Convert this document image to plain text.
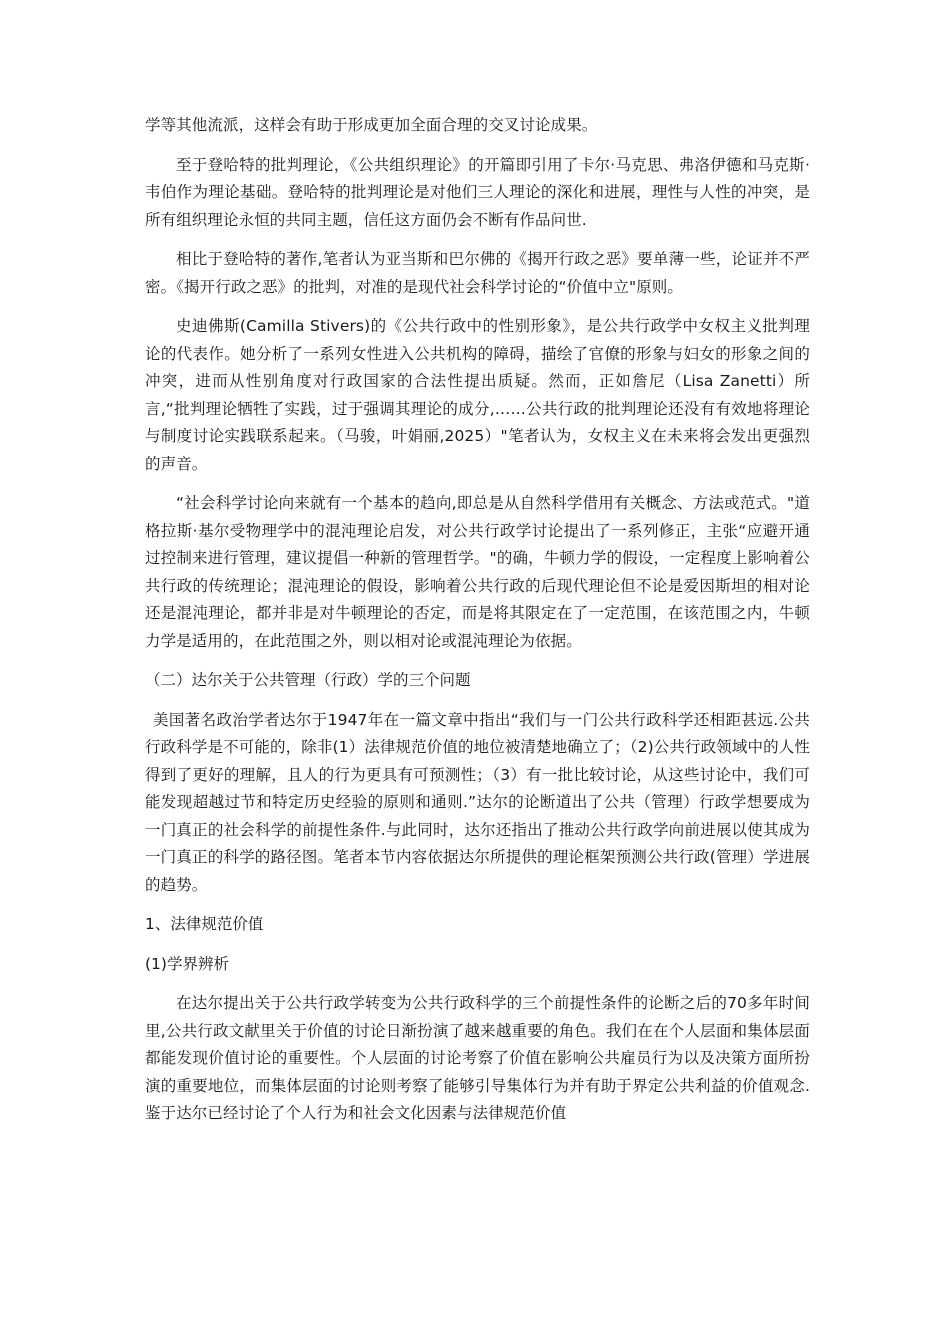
学等其他流派，这样会有助于形成更加全面合理的交叉讨论成果。

至于登哈特的批判理论，《公共组织理论》的开篇即引用了卡尔·马克思、弗洛伊德和马克斯·韦伯作为理论基础。登哈特的批判理论是对他们三人理论的深化和进展，理性与人性的冲突，是所有组织理论永恒的共同主题，信任这方面仍会不断有作品问世.

相比于登哈特的著作,笔者认为亚当斯和巴尔佛的《揭开行政之恶》要单薄一些，论证并不严密。《揭开行政之恶》的批判，对准的是现代社会科学讨论的“价值中立"原则。

史迪佛斯(Camilla Stivers)的《公共行政中的性别形象》，是公共行政学中女权主义批判理论的代表作。她分析了一系列女性进入公共机构的障碍，描绘了官僚的形象与妇女的形象之间的冲突，进而从性别角度对行政国家的合法性提出质疑。然而，正如詹尼（Lisa Zanetti）所言,“批判理论牺牲了实践，过于强调其理论的成分,……公共行政的批判理论还没有有效地将理论与制度讨论实践联系起来。（马骏，叶娟丽,2025）"笔者认为，女权主义在未来将会发出更强烈的声音。

“社会科学讨论向来就有一个基本的趋向,即总是从自然科学借用有关概念、方法或范式。"道格拉斯·基尔受物理学中的混沌理论启发，对公共行政学讨论提出了一系列修正，主张“应避开通过控制来进行管理，建议提倡一种新的管理哲学。"的确，牛顿力学的假设，一定程度上影响着公共行政的传统理论；混沌理论的假设，影响着公共行政的后现代理论但不论是爱因斯坦的相对论还是混沌理论，都并非是对牛顿理论的否定，而是将其限定在了一定范围，在该范围之内，牛顿力学是适用的，在此范围之外，则以相对论或混沌理论为依据。

（二）达尔关于公共管理（行政）学的三个问题

美国著名政治学者达尔于1947年在一篇文章中指出“我们与一门公共行政科学还相距甚远.公共行政科学是不可能的，除非(1）法律规范价值的地位被清楚地确立了；（2)公共行政领域中的人性得到了更好的理解，且人的行为更具有可预测性；（3）有一批比较讨论，从这些讨论中，我们可能发现超越过节和特定历史经验的原则和通则.”达尔的论断道出了公共（管理）行政学想要成为一门真正的社会科学的前提性条件.与此同时，达尔还指出了推动公共行政学向前进展以使其成为一门真正的科学的路径图。笔者本节内容依据达尔所提供的理论框架预测公共行政(管理）学进展的趋势。

1、法律规范价值

(1)学界辨析

在达尔提出关于公共行政学转变为公共行政科学的三个前提性条件的论断之后的70多年时间里,公共行政文献里关于价值的讨论日渐扮演了越来越重要的角色。我们在在个人层面和集体层面都能发现价值讨论的重要性。个人层面的讨论考察了价值在影响公共雇员行为以及决策方面所扮演的重要地位，而集体层面的讨论则考察了能够引导集体行为并有助于界定公共利益的价值观念.鉴于达尔已经讨论了个人行为和社会文化因素与法律规范价值
